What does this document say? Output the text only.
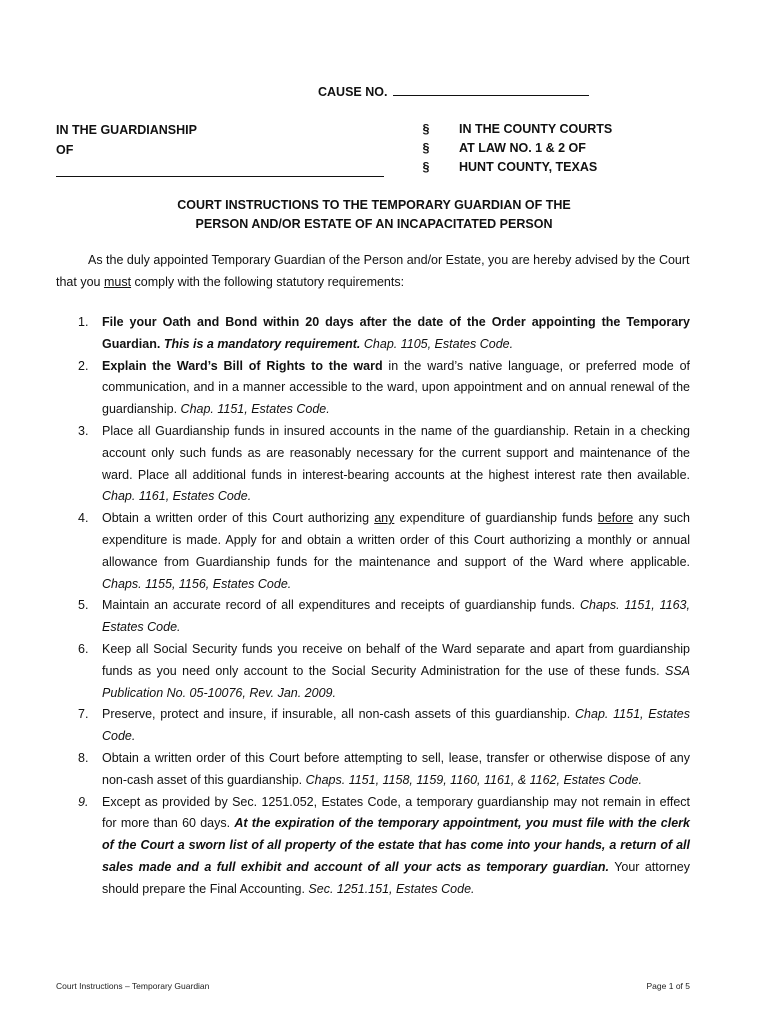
CAUSE NO.
IN THE GUARDIANSHIP
OF
§
§
§
IN THE COUNTY COURTS
AT LAW NO. 1 & 2 OF
HUNT COUNTY, TEXAS
COURT INSTRUCTIONS TO THE TEMPORARY GUARDIAN OF THE
PERSON AND/OR ESTATE OF AN INCAPACITATED PERSON

As the duly appointed Temporary Guardian of the Person and/or Estate, you are hereby advised by the Court that you must comply with the following statutory requirements:

1. File your Oath and Bond within 20 days after the date of the Order appointing the Temporary Guardian. This is a mandatory requirement. Chap. 1105, Estates Code.
2. Explain the Ward’s Bill of Rights to the ward in the ward’s native language, or preferred mode of communication, and in a manner accessible to the ward, upon appointment and on annual renewal of the guardianship. Chap. 1151, Estates Code.
3. Place all Guardianship funds in insured accounts in the name of the guardianship. Retain in a checking account only such funds as are reasonably necessary for the current support and maintenance of the ward. Place all additional funds in interest-bearing accounts at the highest interest rate then available. Chap. 1161, Estates Code.
4. Obtain a written order of this Court authorizing any expenditure of guardianship funds before any such expenditure is made. Apply for and obtain a written order of this Court authorizing a monthly or annual allowance from Guardianship funds for the maintenance and support of the Ward where applicable. Chaps. 1155, 1156, Estates Code.
5. Maintain an accurate record of all expenditures and receipts of guardianship funds. Chaps. 1151, 1163, Estates Code.
6. Keep all Social Security funds you receive on behalf of the Ward separate and apart from guardianship funds as you need only account to the Social Security Administration for the use of these funds. SSA Publication No. 05-10076, Rev. Jan. 2009.
7. Preserve, protect and insure, if insurable, all non-cash assets of this guardianship. Chap. 1151, Estates Code.
8. Obtain a written order of this Court before attempting to sell, lease, transfer or otherwise dispose of any non-cash asset of this guardianship. Chaps. 1151, 1158, 1159, 1160, 1161, & 1162, Estates Code.
9. Except as provided by Sec. 1251.052, Estates Code, a temporary guardianship may not remain in effect for more than 60 days. At the expiration of the temporary appointment, you must file with the clerk of the Court a sworn list of all property of the estate that has come into your hands, a return of all sales made and a full exhibit and account of all your acts as temporary guardian. Your attorney should prepare the Final Accounting. Sec. 1251.151, Estates Code.
Court Instructions – Temporary Guardian	Page 1 of 5
